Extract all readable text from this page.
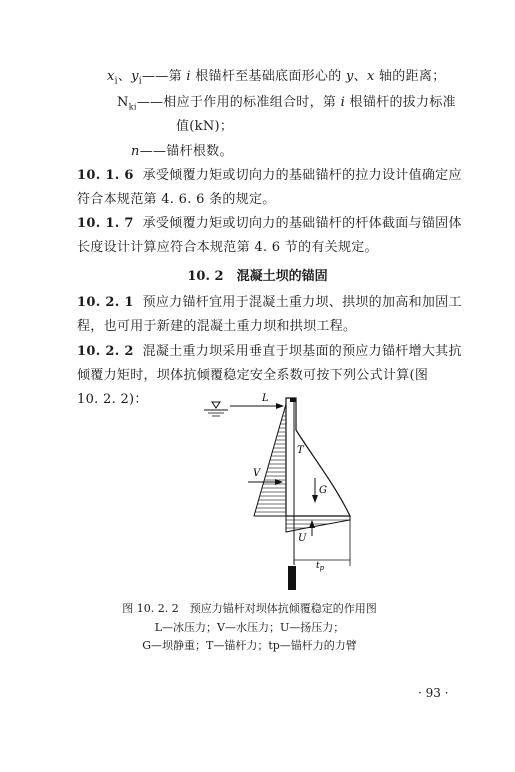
$x_i$、$y_i——$第 i 根锚杆至基础底面形心的 y、x 轴的距离；
$N_{ki}——$相应于作用的标准组合时，第 i 根锚杆的拔力标准
值(kN)；
n——锚杆根数。
10. 1. 6 承受倾覆力矩或切向力的基础锚杆的拉力设计值确定应
符合本规范第 4. 6. 6 条的规定。
10. 1. 7 承受倾覆力矩或切向力的基础锚杆的杆体截面与锚固体
长度设计计算应符合本规范第 4. 6 节的有关规定。
10. 2　混凝土坝的锚固
10. 2. 1 预应力锚杆宜用于混凝土重力坝、拱坝的加高和加固工
程，也可用于新建的混凝土重力坝和拱坝工程。
10. 2. 2 混凝土重力坝采用垂直于坝基面的预应力锚杆增大其抗
倾覆力矩时，坝体抗倾覆稳定安全系数可按下列公式计算(图
10. 2. 2)：	L
V
T
G
U
$t_p$
图 10. 2. 2　预应力锚杆对坝体抗倾覆稳定的作用图
L—冰压力；V—水压力；U—扬压力；
G—坝静重；T—锚杆力；tp—锚杆力的力臂
· 93 ·
